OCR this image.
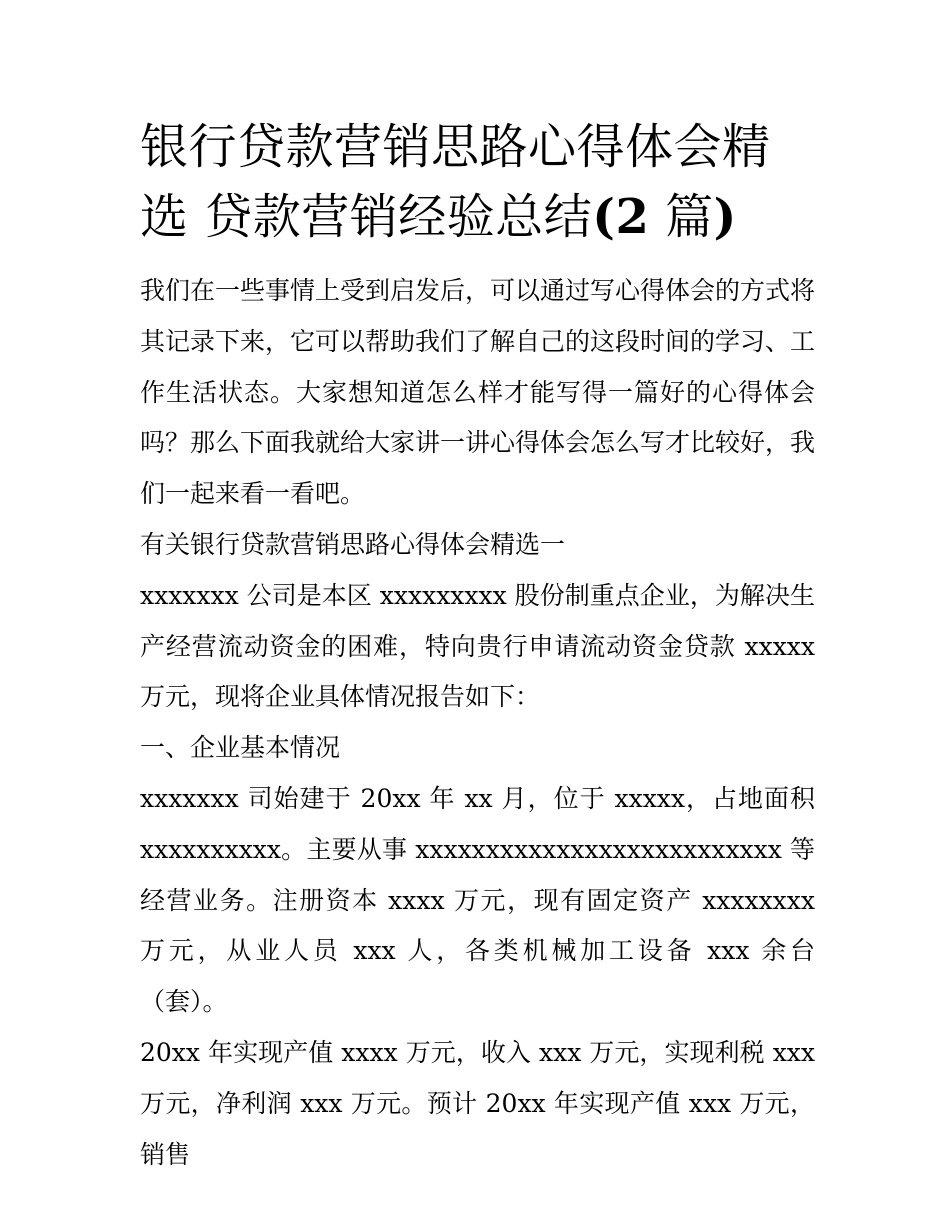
银行贷款营销思路心得体会精选 贷款营销经验总结(2 篇)

我们在一些事情上受到启发后，可以通过写心得体会的方式将其记录下来，它可以帮助我们了解自己的这段时间的学习、工作生活状态。大家想知道怎么样才能写得一篇好的心得体会吗？那么下面我就给大家讲一讲心得体会怎么写才比较好，我们一起来看一看吧。

有关银行贷款营销思路心得体会精选一

xxxxxxx 公司是本区 xxxxxxxxx 股份制重点企业，为解决生产经营流动资金的困难，特向贵行申请流动资金贷款 xxxxx 万元，现将企业具体情况报告如下：

一、企业基本情况

xxxxxxx 司始建于 20xx 年 xx 月，位于 xxxxx，占地面积 xxxxxxxxxx。主要从事 xxxxxxxxxxxxxxxxxxxxxxxxxx 等经营业务。注册资本 xxxx 万元，现有固定资产 xxxxxxxx 万元，从业人员 xxx 人，各类机械加工设备 xxx 余台（套）。

20xx 年实现产值 xxxx 万元，收入 xxx 万元，实现利税 xxx 万元，净利润 xxx 万元。预计 20xx 年实现产值 xxx 万元，销售
